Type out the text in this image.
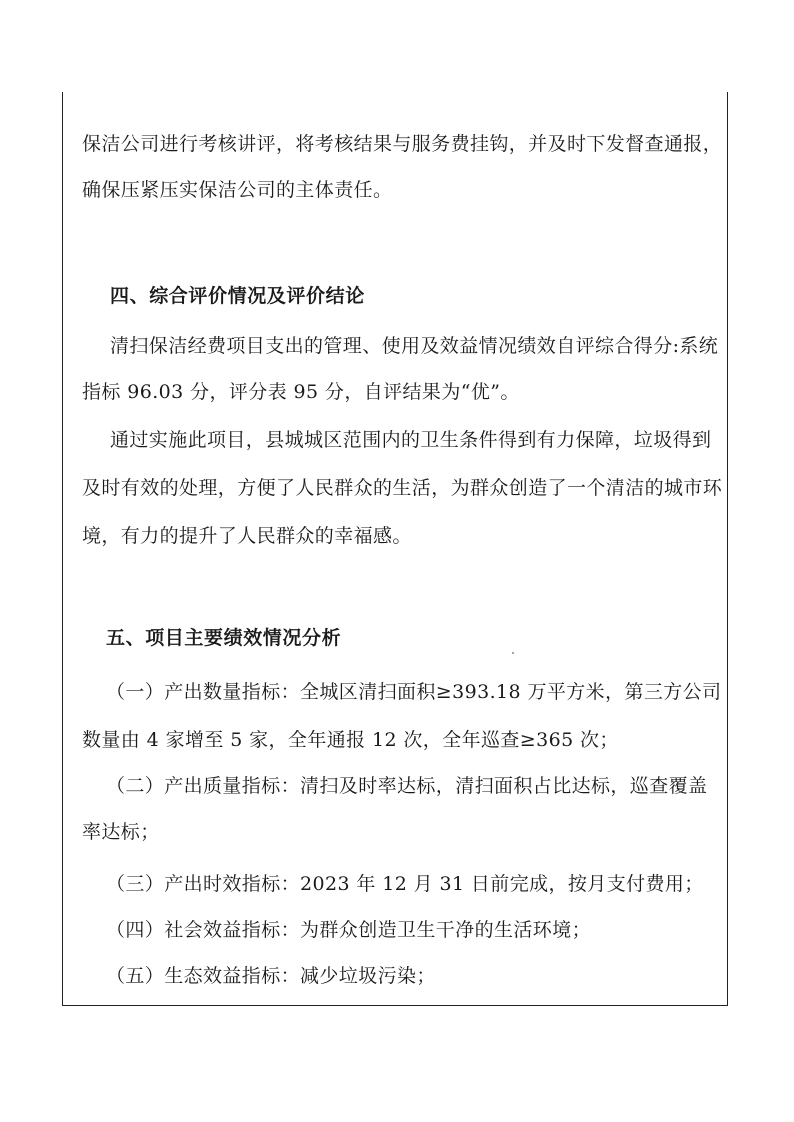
保洁公司进行考核讲评，将考核结果与服务费挂钩，并及时下发督查通报，
确保压紧压实保洁公司的主体责任。
四、综合评价情况及评价结论
清扫保洁经费项目支出的管理、使用及效益情况绩效自评综合得分:系统
指标 96.03 分，评分表 95 分，自评结果为“优”。
通过实施此项目，县城城区范围内的卫生条件得到有力保障，垃圾得到
及时有效的处理，方便了人民群众的生活，为群众创造了一个清洁的城市环
境，有力的提升了人民群众的幸福感。
五、项目主要绩效情况分析
（一）产出数量指标：全城区清扫面积≥393.18 万平方米，第三方公司
数量由 4 家增至 5 家，全年通报 12 次，全年巡查≥365 次；
（二）产出质量指标：清扫及时率达标，清扫面积占比达标，巡查覆盖
率达标；
（三）产出时效指标：2023 年 12 月 31 日前完成，按月支付费用；
（四）社会效益指标：为群众创造卫生干净的生活环境；
（五）生态效益指标：减少垃圾污染；
